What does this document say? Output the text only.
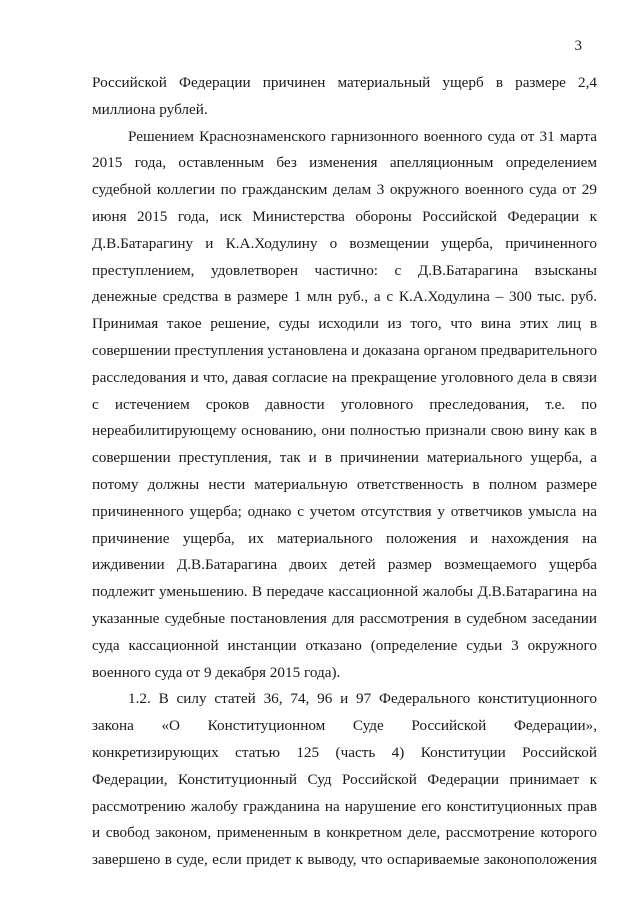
3
Российской Федерации причинен материальный ущерб в размере 2,4
миллиона рублей.
Решением Краснознаменского гарнизонного военного суда от 31 марта
2015 года, оставленным без изменения апелляционным определением
судебной коллегии по гражданским делам 3 окружного военного суда от 29
июня 2015 года, иск Министерства обороны Российской Федерации к
Д.В.Батарагину и К.А.Ходулину о возмещении ущерба, причиненного
преступлением, удовлетворен частично: с Д.В.Батарагина взысканы
денежные средства в размере 1 млн руб., а с К.А.Ходулина – 300 тыс. руб.
Принимая такое решение, суды исходили из того, что вина этих лиц в
совершении преступления установлена и доказана органом предварительного
расследования и что, давая согласие на прекращение уголовного дела в связи
с истечением сроков давности уголовного преследования, т.е. по
нереабилитирующему основанию, они полностью признали свою вину как в
совершении преступления, так и в причинении материального ущерба, а
потому должны нести материальную ответственность в полном размере
причиненного ущерба; однако с учетом отсутствия у ответчиков умысла на
причинение ущерба, их материального положения и нахождения на
иждивении Д.В.Батарагина двоих детей размер возмещаемого ущерба
подлежит уменьшению. В передаче кассационной жалобы Д.В.Батарагина на
указанные судебные постановления для рассмотрения в судебном заседании
суда кассационной инстанции отказано (определение судьи 3 окружного
военного суда от 9 декабря 2015 года).
1.2. В силу статей 36, 74, 96 и 97 Федерального конституционного
закона «О Конституционном Суде Российской Федерации»,
конкретизирующих статью 125 (часть 4) Конституции Российской
Федерации, Конституционный Суд Российской Федерации принимает к
рассмотрению жалобу гражданина на нарушение его конституционных прав
и свобод законом, примененным в конкретном деле, рассмотрение которого
завершено в суде, если придет к выводу, что оспариваемые законоположения
